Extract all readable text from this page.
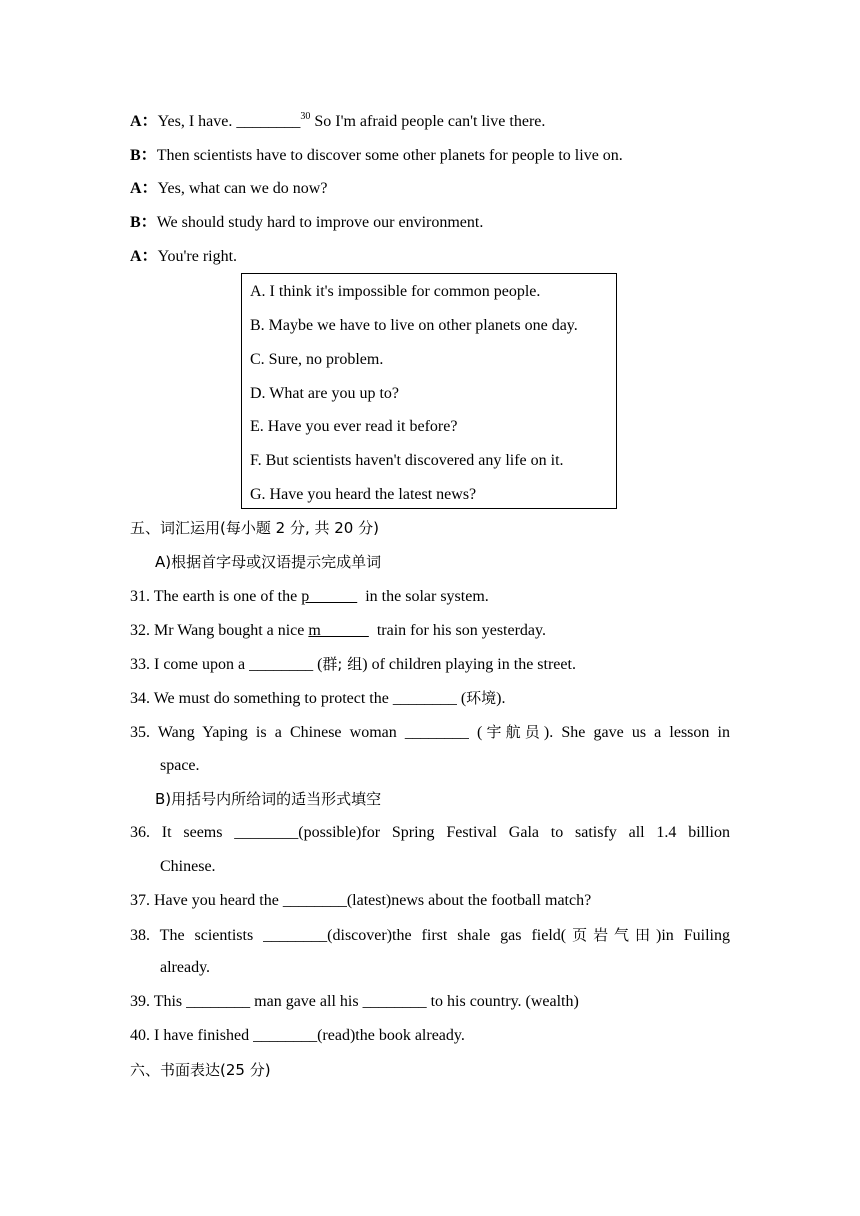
A：Yes, I have. ________$^{30}$ So I'm afraid people can't live there.
B：Then scientists have to discover some other planets for people to live on.
A：Yes, what can we do now?
B：We should study hard to improve our environment.
A：You're right.
A. I think it's impossible for common people.
B. Maybe we have to live on other planets one day.
C. Sure, no problem.
D. What are you up to?
E. Have you ever read it before?
F. But scientists haven't discovered any life on it.
G. Have you heard the latest news?
五、词汇运用(每小题 2 分, 共 20 分)
A)根据首字母或汉语提示完成单词
31. The earth is one of the p              in the solar system.
32. Mr Wang bought a nice m              train for his son yesterday.
33. I come upon a ________ (群; 组) of children playing in the street.
34. We must do something to protect the ________ (环境).
35. Wang Yaping is a Chinese woman ________ (宇航员). She gave us a lesson in
space.
B)用括号内所给词的适当形式填空
36. It seems ________(possible)for Spring Festival Gala to satisfy all 1.4 billion
Chinese.
37. Have you heard the ________(latest)news about the football match?
38. The scientists ________(discover)the first shale gas field(页岩气田)in Fuiling
already.
39. This ________ man gave all his ________ to his country. (wealth)
40. I have finished ________(read)the book already.
六、书面表达(25 分)
